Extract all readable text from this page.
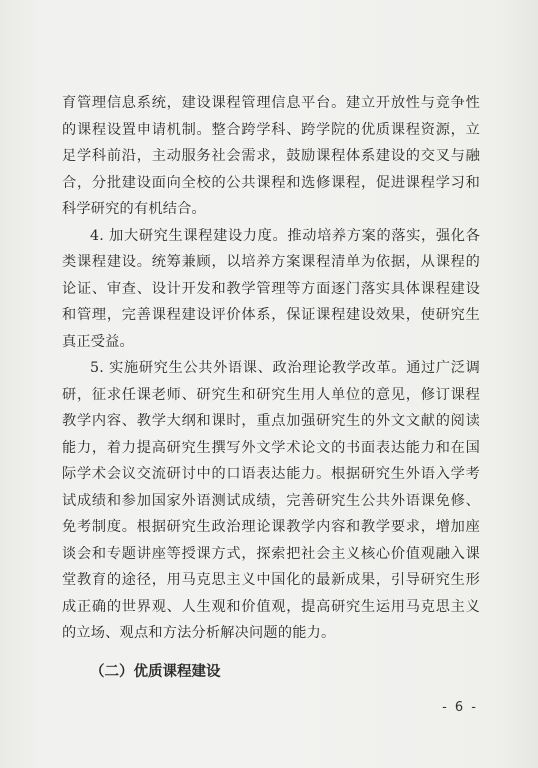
育管理信息系统，建设课程管理信息平台。建立开放性与竞争性
的课程设置申请机制。整合跨学科、跨学院的优质课程资源，立
足学科前沿，主动服务社会需求，鼓励课程体系建设的交叉与融
合，分批建设面向全校的公共课程和选修课程，促进课程学习和
科学研究的有机结合。
4. 加大研究生课程建设力度。推动培养方案的落实，强化各
类课程建设。统筹兼顾，以培养方案课程清单为依据，从课程的
论证、审查、设计开发和教学管理等方面逐门落实具体课程建设
和管理，完善课程建设评价体系，保证课程建设效果，使研究生
真正受益。
5. 实施研究生公共外语课、政治理论教学改革。通过广泛调
研，征求任课老师、研究生和研究生用人单位的意见，修订课程
教学内容、教学大纲和课时，重点加强研究生的外文文献的阅读
能力，着力提高研究生撰写外文学术论文的书面表达能力和在国
际学术会议交流研讨中的口语表达能力。根据研究生外语入学考
试成绩和参加国家外语测试成绩，完善研究生公共外语课免修、
免考制度。根据研究生政治理论课教学内容和教学要求，增加座
谈会和专题讲座等授课方式，探索把社会主义核心价值观融入课
堂教育的途径，用马克思主义中国化的最新成果，引导研究生形
成正确的世界观、人生观和价值观，提高研究生运用马克思主义
的立场、观点和方法分析解决问题的能力。
（二）优质课程建设
- 6 -
